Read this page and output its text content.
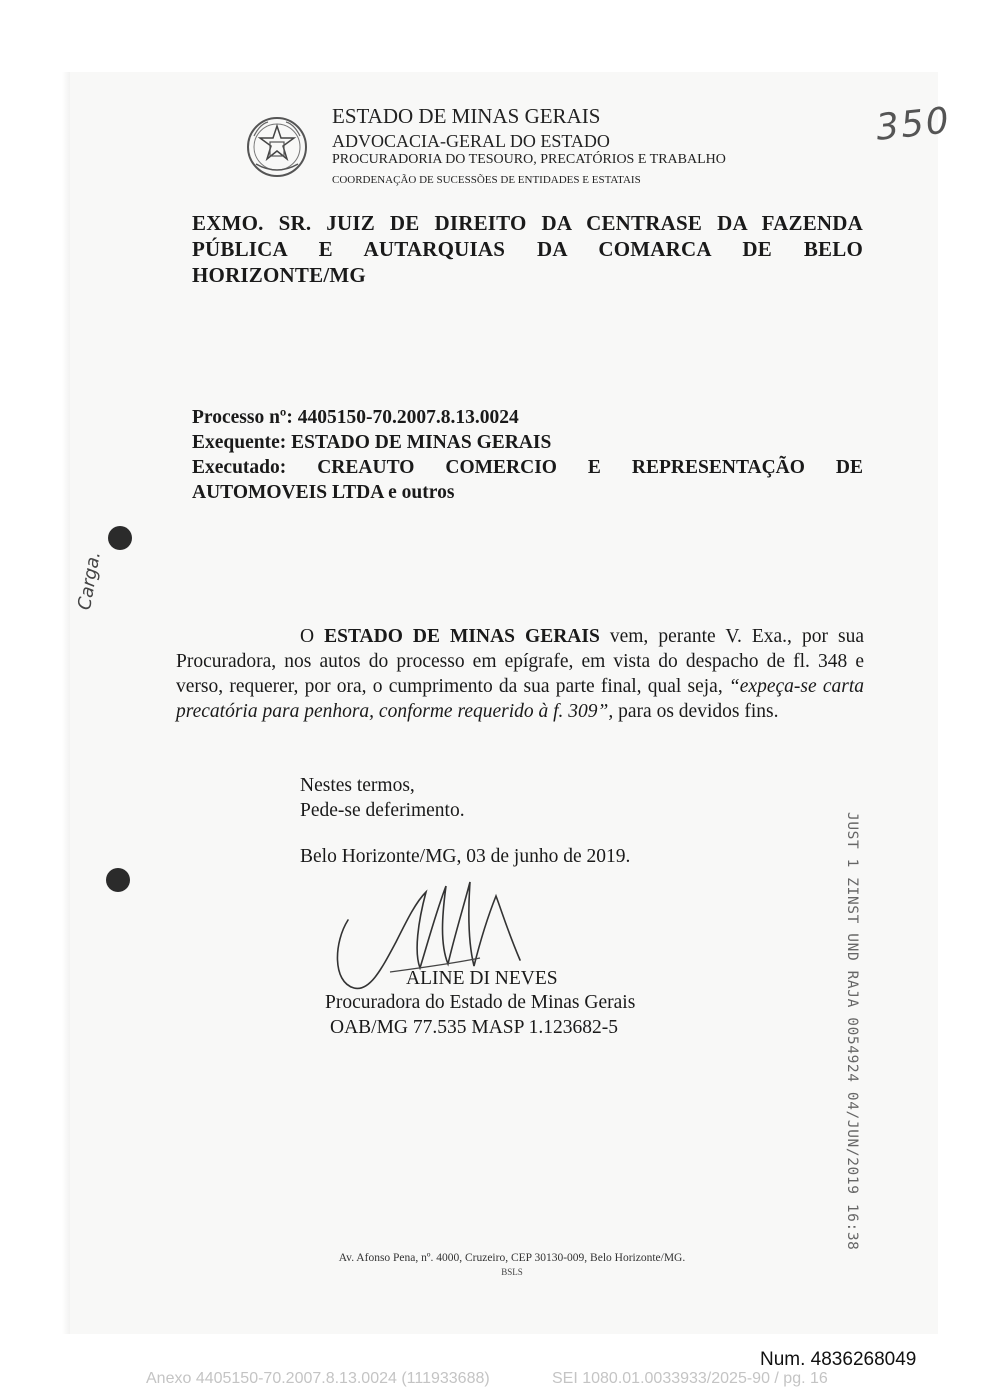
ESTADO DE MINAS GERAIS
ADVOCACIA-GERAL DO ESTADO
PROCURADORIA DO TESOURO, PRECATÓRIOS E TRABALHO
COORDENAÇÃO DE SUCESSÕES DE ENTIDADES E ESTATAIS
350
EXMO. SR. JUIZ DE DIREITO DA CENTRASE DA FAZENDA
PÚBLICA E AUTARQUIAS DA COMARCA DE BELO
HORIZONTE/MG
Processo nº: 4405150-70.2007.8.13.0024
Exequente: ESTADO DE MINAS GERAIS
Executado: CREAUTO COMERCIO E REPRESENTAÇÃO DE
AUTOMOVEIS LTDA e outros
Carga.
O ESTADO DE MINAS GERAIS vem, perante V. Exa., por sua Procuradora, nos autos do processo em epígrafe, em vista do despacho de fl. 348 e verso, requerer, por ora, o cumprimento da sua parte final, qual seja, “expeça-se carta precatória para penhora, conforme requerido à f. 309”, para os devidos fins.
Nestes termos,
Pede-se deferimento.
Belo Horizonte/MG, 03 de junho de 2019.
ALINE DI NEVES
Procuradora do Estado de Minas Gerais
OAB/MG 77.535 MASP 1.123682-5	JUST 1 ZINST UND RAJA 0054924 04/JUN/2019 16:38
Av. Afonso Pena, nº. 4000, Cruzeiro, CEP 30130-009, Belo Horizonte/MG.
BSLS
Num. 4836268049
Anexo 4405150-70.2007.8.13.0024 (111933688)	SEI 1080.01.0033933/2025-90 / pg. 16
